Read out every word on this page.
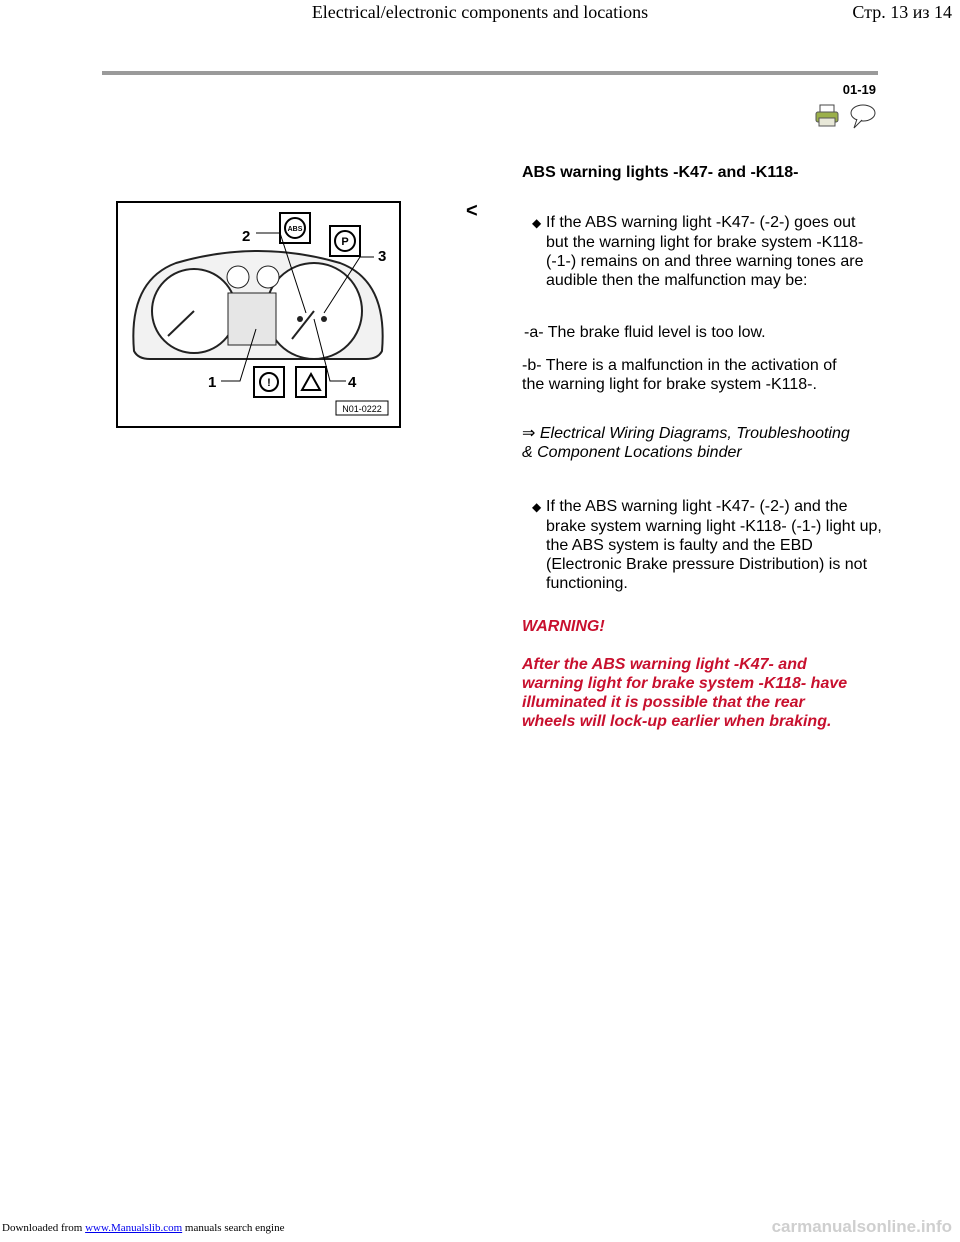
Electrical/electronic components and locations	Стр. 13 из 14
01-19
ABS warning lights -K47- and -K118-
ABS
P
!
2
3
1	4
N01-0222
<
◆ If the ABS warning light -K47- (-2-) goes out but the warning light for brake system -K118- (-1-) remains on and three warning tones are audible then the malfunction may be:
-a- The brake fluid level is too low.
-b- There is a malfunction in the activation of the warning light for brake system -K118-.
⇒ Electrical Wiring Diagrams, Troubleshooting & Component Locations binder
◆ If the ABS warning light -K47- (-2-) and the brake system warning light -K118- (-1-) light up, the ABS system is faulty and the EBD (Electronic Brake pressure Distribution) is not functioning.
WARNING!
After the ABS warning light -K47- and warning light for brake system -K118- have illuminated it is possible that the rear wheels will lock-up earlier when braking.
Downloaded from www.Manualslib.com manuals search engine	carmanualsonline.info
